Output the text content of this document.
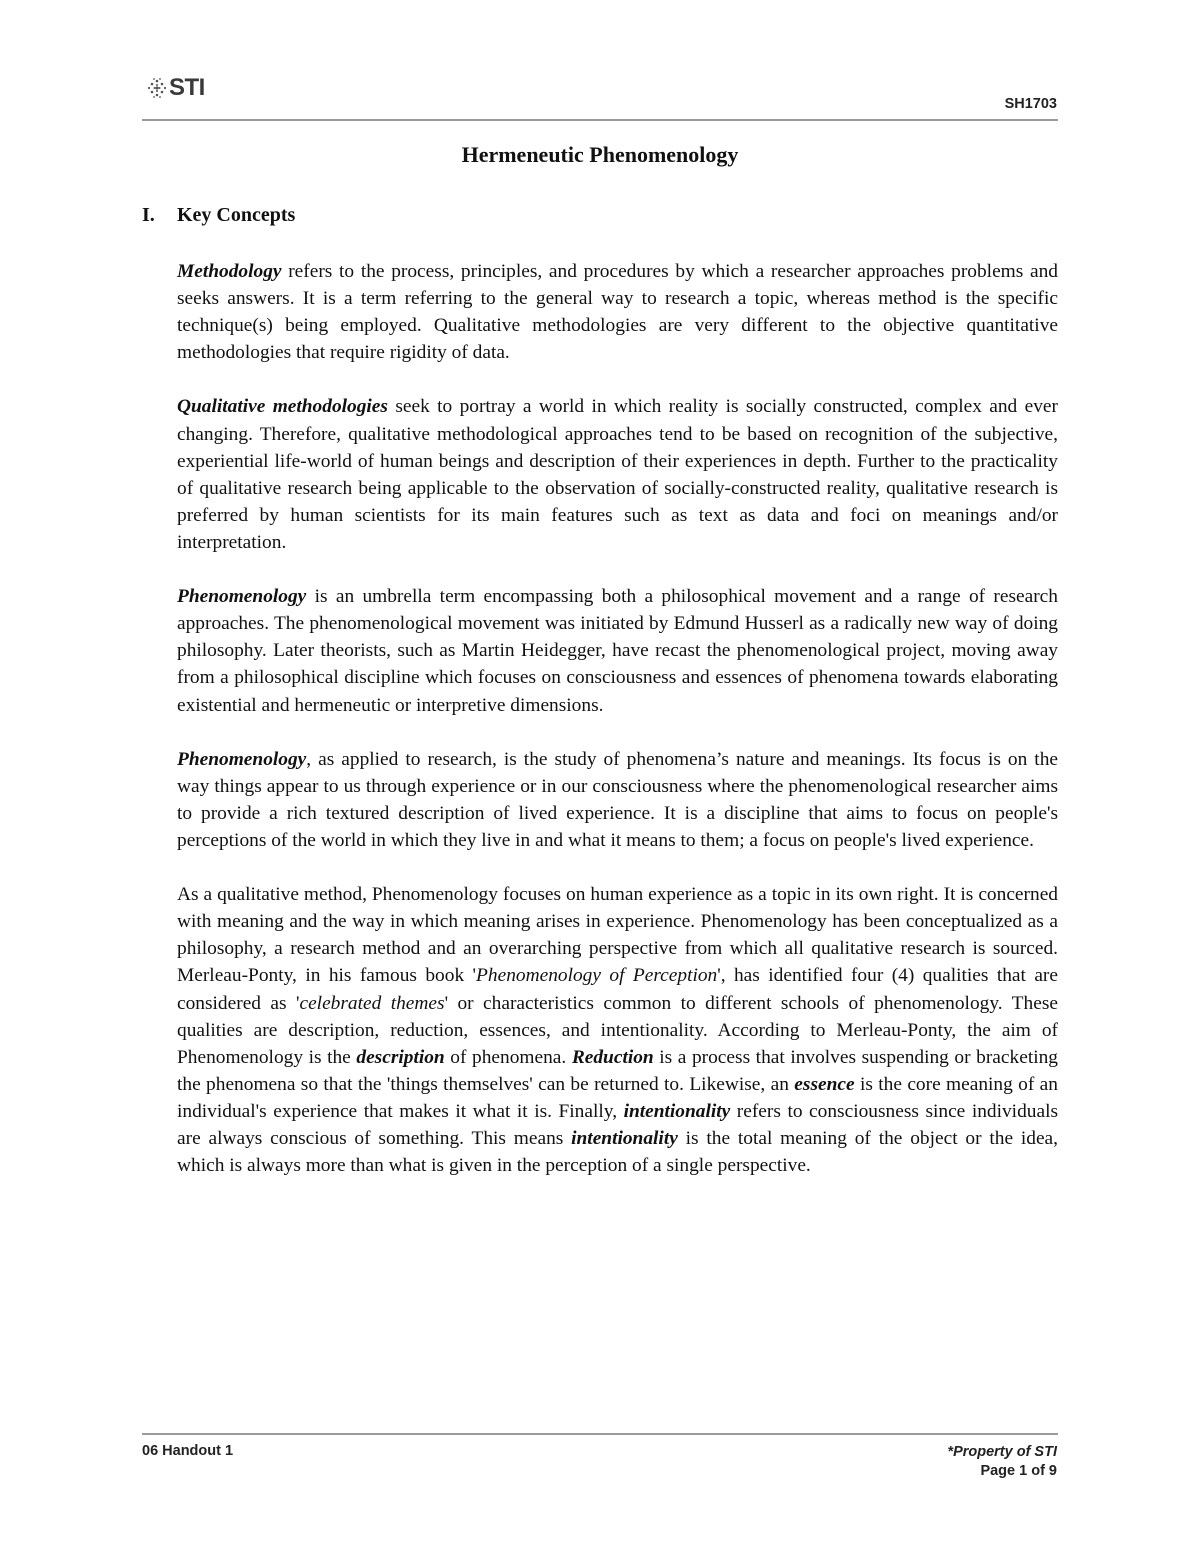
STI
SH1703
Hermeneutic Phenomenology
I. Key Concepts

Methodology refers to the process, principles, and procedures by which a researcher approaches problems and seeks answers. It is a term referring to the general way to research a topic, whereas method is the specific technique(s) being employed. Qualitative methodologies are very different to the objective quantitative methodologies that require rigidity of data.

Qualitative methodologies seek to portray a world in which reality is socially constructed, complex and ever changing. Therefore, qualitative methodological approaches tend to be based on recognition of the subjective, experiential life-world of human beings and description of their experiences in depth. Further to the practicality of qualitative research being applicable to the observation of socially-constructed reality, qualitative research is preferred by human scientists for its main features such as text as data and foci on meanings and/or interpretation.

Phenomenology is an umbrella term encompassing both a philosophical movement and a range of research approaches. The phenomenological movement was initiated by Edmund Husserl as a radically new way of doing philosophy. Later theorists, such as Martin Heidegger, have recast the phenomenological project, moving away from a philosophical discipline which focuses on consciousness and essences of phenomena towards elaborating existential and hermeneutic or interpretive dimensions.

Phenomenology, as applied to research, is the study of phenomena’s nature and meanings. Its focus is on the way things appear to us through experience or in our consciousness where the phenomenological researcher aims to provide a rich textured description of lived experience. It is a discipline that aims to focus on people's perceptions of the world in which they live in and what it means to them; a focus on people's lived experience.

As a qualitative method, Phenomenology focuses on human experience as a topic in its own right. It is concerned with meaning and the way in which meaning arises in experience. Phenomenology has been conceptualized as a philosophy, a research method and an overarching perspective from which all qualitative research is sourced. Merleau-Ponty, in his famous book 'Phenomenology of Perception', has identified four (4) qualities that are considered as 'celebrated themes' or characteristics common to different schools of phenomenology. These qualities are description, reduction, essences, and intentionality. According to Merleau-Ponty, the aim of Phenomenology is the description of phenomena. Reduction is a process that involves suspending or bracketing the phenomena so that the 'things themselves' can be returned to. Likewise, an essence is the core meaning of an individual's experience that makes it what it is. Finally, intentionality refers to consciousness since individuals are always conscious of something. This means intentionality is the total meaning of the object or the idea, which is always more than what is given in the perception of a single perspective.

06 Handout 1	*Property of STI
Page 1 of 9
